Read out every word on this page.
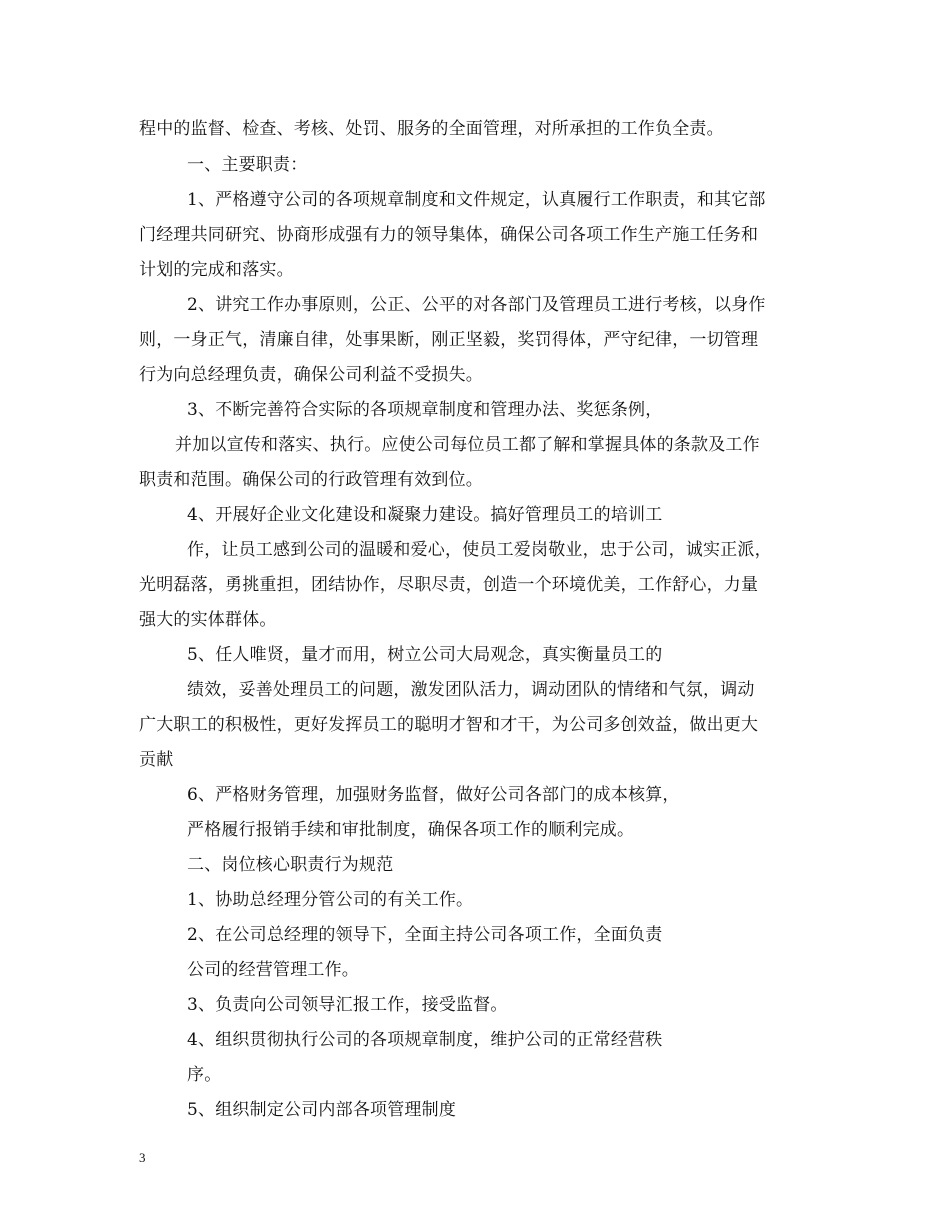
程中的监督、检查、考核、处罚、服务的全面管理，对所承担的工作负全责。
一、主要职责：
1、严格遵守公司的各项规章制度和文件规定，认真履行工作职责，和其它部
门经理共同研究、协商形成强有力的领导集体，确保公司各项工作生产施工任务和
计划的完成和落实。
2、讲究工作办事原则，公正、公平的对各部门及管理员工进行考核，以身作
则，一身正气，清廉自律，处事果断，刚正坚毅，奖罚得体，严守纪律，一切管理
行为向总经理负责，确保公司利益不受损失。
3、不断完善符合实际的各项规章制度和管理办法、奖惩条例，
并加以宣传和落实、执行。应使公司每位员工都了解和掌握具体的条款及工作
职责和范围。确保公司的行政管理有效到位。
4、开展好企业文化建设和凝聚力建设。搞好管理员工的培训工
作，让员工感到公司的温暖和爱心，使员工爱岗敬业，忠于公司，诚实正派，
光明磊落，勇挑重担，团结协作，尽职尽责，创造一个环境优美，工作舒心，力量
强大的实体群体。
5、任人唯贤，量才而用，树立公司大局观念，真实衡量员工的
绩效，妥善处理员工的问题，激发团队活力，调动团队的情绪和气氛，调动
广大职工的积极性，更好发挥员工的聪明才智和才干，为公司多创效益，做出更大
贡献
6、严格财务管理，加强财务监督，做好公司各部门的成本核算，
严格履行报销手续和审批制度，确保各项工作的顺利完成。
二、岗位核心职责行为规范
1、协助总经理分管公司的有关工作。
2、在公司总经理的领导下，全面主持公司各项工作，全面负责
公司的经营管理工作。
3、负责向公司领导汇报工作，接受监督。
4、组织贯彻执行公司的各项规章制度，维护公司的正常经营秩
序。
5、组织制定公司内部各项管理制度
3
